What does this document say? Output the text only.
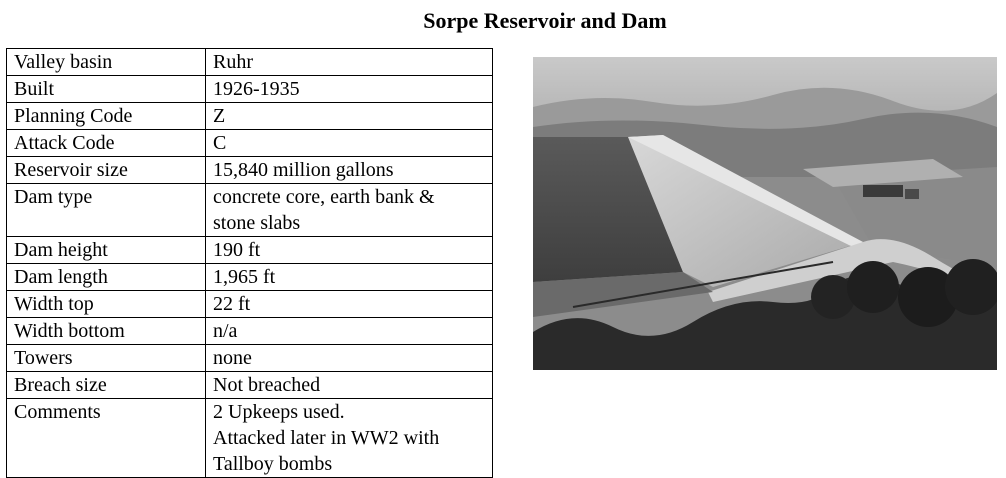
Sorpe Reservoir and Dam
Valley basin	Ruhr

Built	1926-1935

Planning Code	Z

Attack Code	C

Reservoir size	15,840 million gallons

Dam type	concrete core, earth bank &
stone slabs

Dam height	190 ft

Dam length	1,965 ft

Width top	22 ft

Width bottom	n/a

Towers	none

Breach size	Not breached

Comments	2 Upkeeps used.
Attacked later in WW2 with
Tallboy bombs
